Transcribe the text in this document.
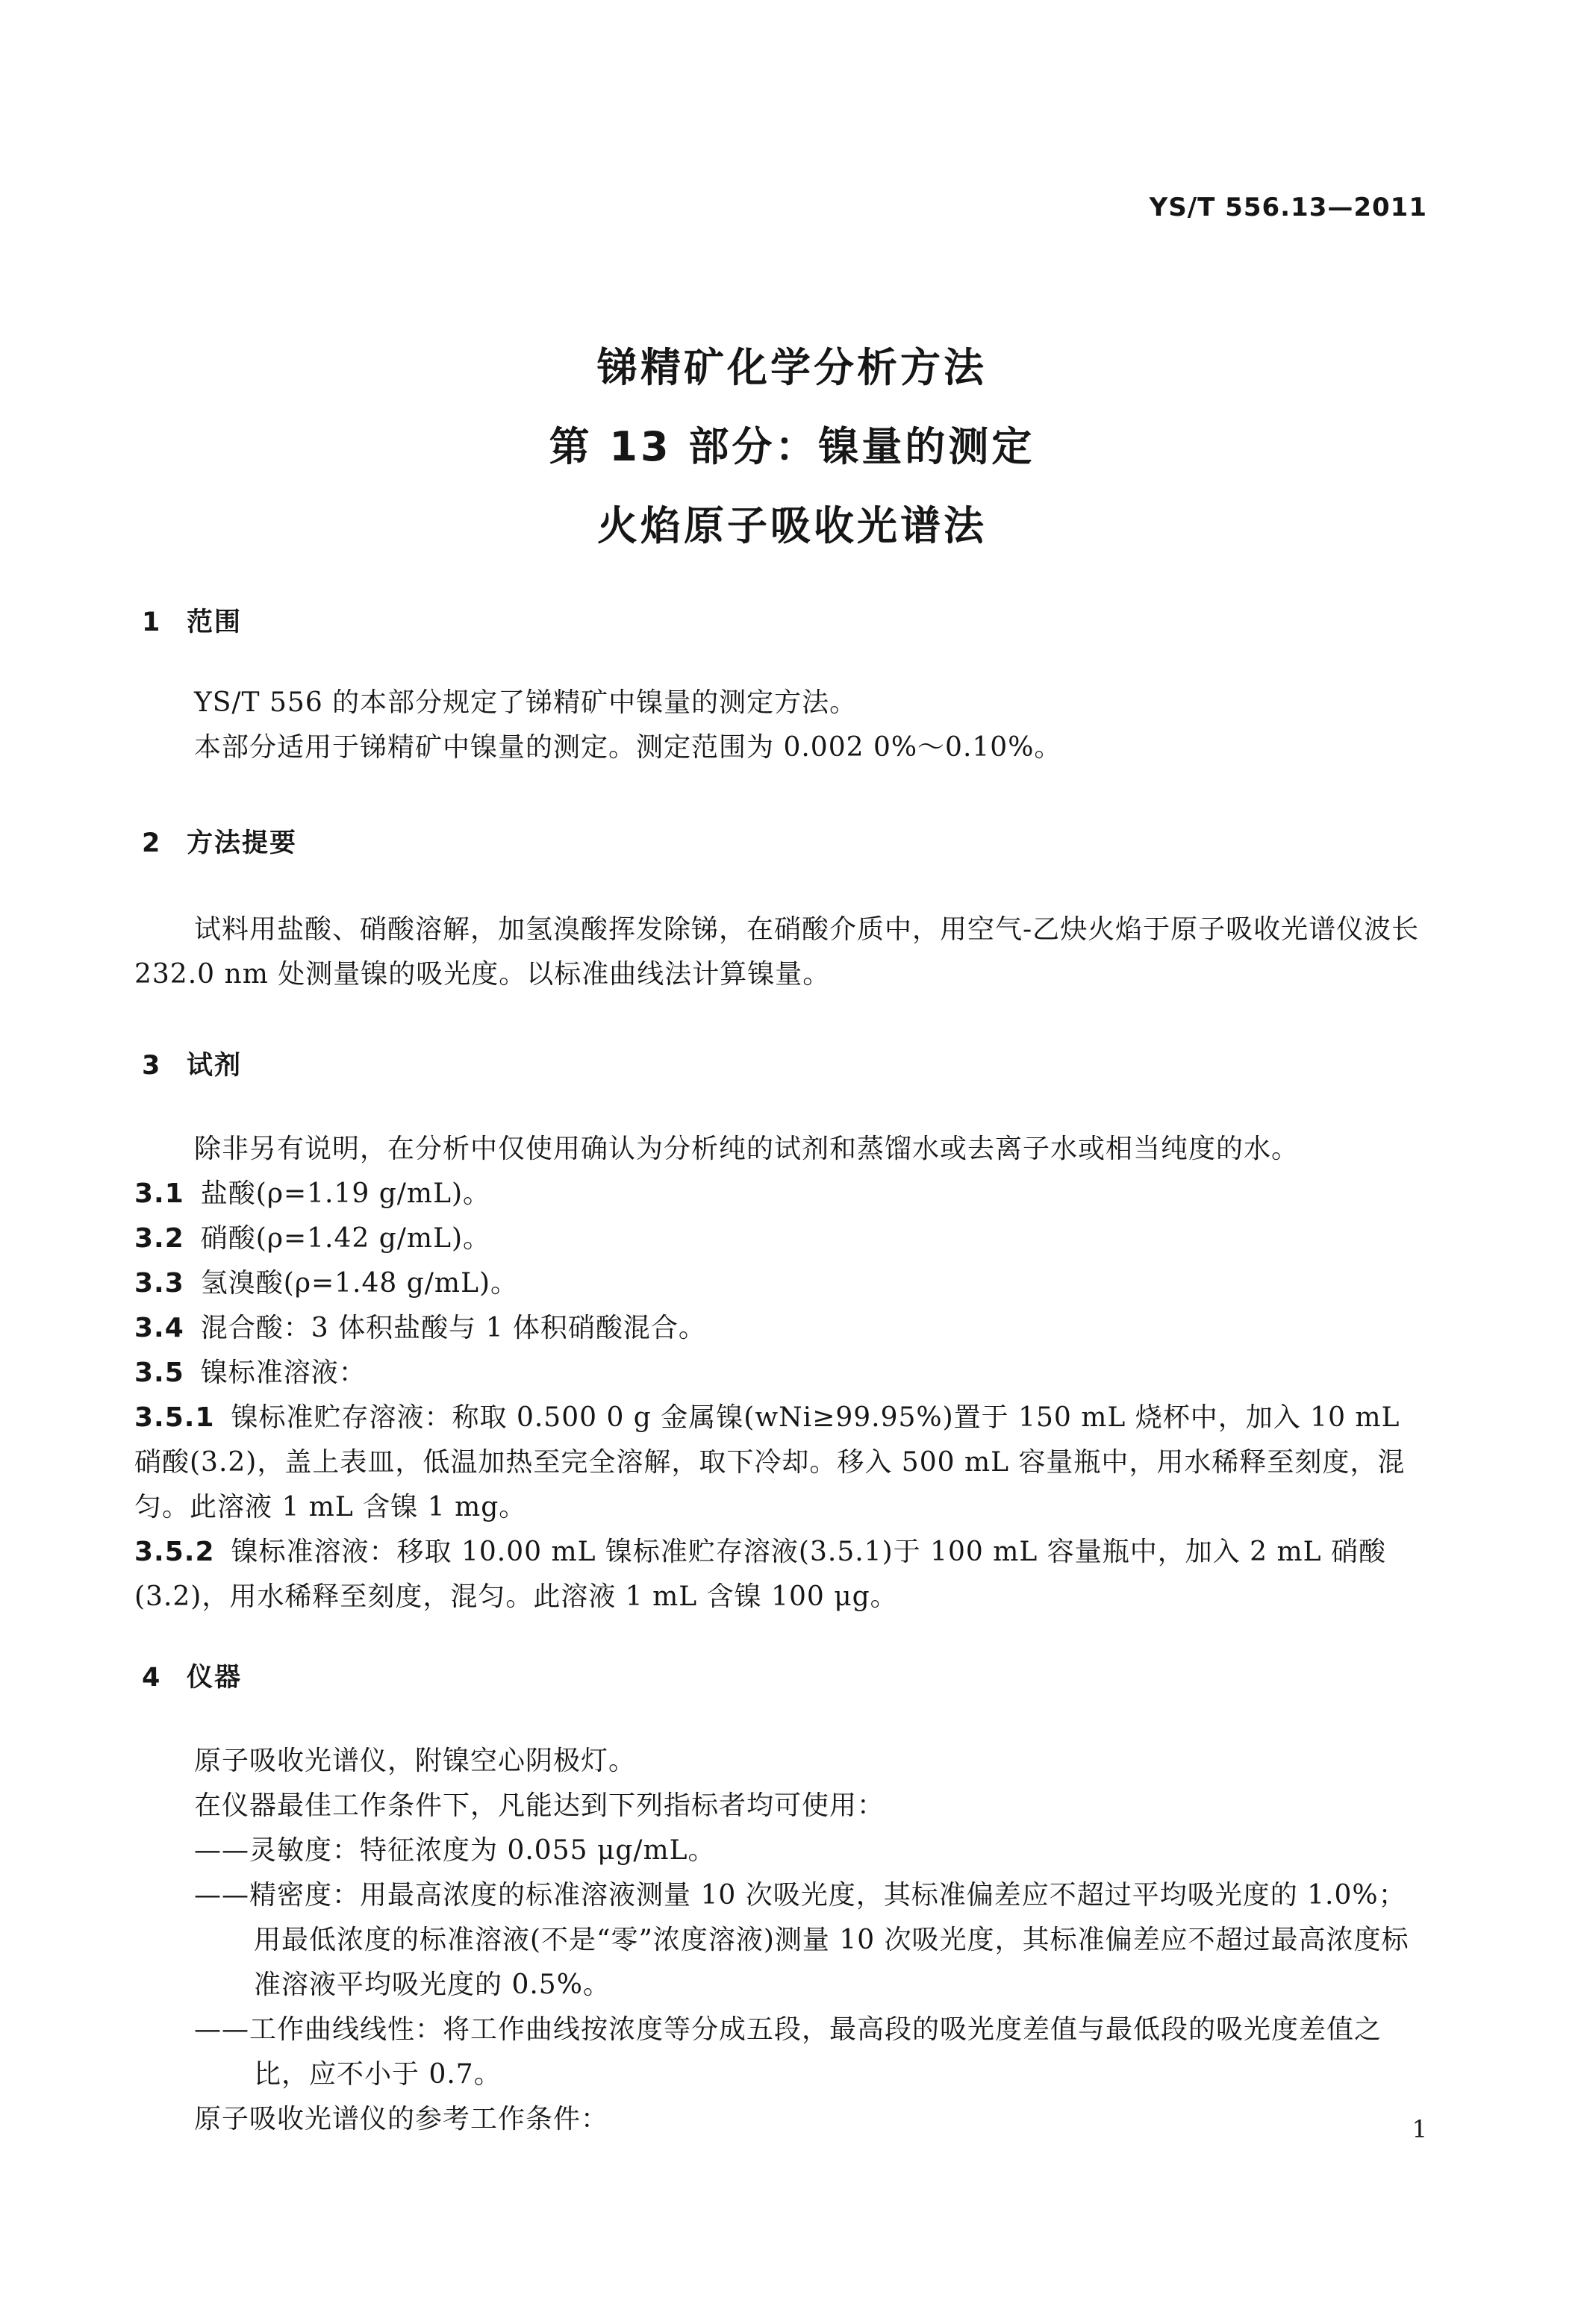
YS/T 556.13—2011
锑精矿化学分析方法
第 13 部分：镍量的测定
火焰原子吸收光谱法
1 范围
YS/T 556 的本部分规定了锑精矿中镍量的测定方法。
本部分适用于锑精矿中镍量的测定。测定范围为 0.002 0%～0.10%。
2 方法提要
试料用盐酸、硝酸溶解，加氢溴酸挥发除锑，在硝酸介质中，用空气-乙炔火焰于原子吸收光谱仪波长 232.0 nm 处测量镍的吸光度。以标准曲线法计算镍量。
3 试剂
除非另有说明，在分析中仅使用确认为分析纯的试剂和蒸馏水或去离子水或相当纯度的水。
3.1 盐酸(ρ=1.19 g/mL)。
3.2 硝酸(ρ=1.42 g/mL)。
3.3 氢溴酸(ρ=1.48 g/mL)。
3.4 混合酸：3 体积盐酸与 1 体积硝酸混合。
3.5 镍标准溶液：
3.5.1 镍标准贮存溶液：称取 0.500 0 g 金属镍(wNi≥99.95%)置于 150 mL 烧杯中，加入 10 mL 硝酸(3.2)，盖上表皿，低温加热至完全溶解，取下冷却。移入 500 mL 容量瓶中，用水稀释至刻度，混匀。此溶液 1 mL 含镍 1 mg。
3.5.2 镍标准溶液：移取 10.00 mL 镍标准贮存溶液(3.5.1)于 100 mL 容量瓶中，加入 2 mL 硝酸(3.2)，用水稀释至刻度，混匀。此溶液 1 mL 含镍 100 μg。
4 仪器
原子吸收光谱仪，附镍空心阴极灯。
在仪器最佳工作条件下，凡能达到下列指标者均可使用：
——灵敏度：特征浓度为 0.055 μg/mL。
——精密度：用最高浓度的标准溶液测量 10 次吸光度，其标准偏差应不超过平均吸光度的 1.0%；用最低浓度的标准溶液(不是“零”浓度溶液)测量 10 次吸光度，其标准偏差应不超过最高浓度标准溶液平均吸光度的 0.5%。
——工作曲线线性：将工作曲线按浓度等分成五段，最高段的吸光度差值与最低段的吸光度差值之比，应不小于 0.7。
原子吸收光谱仪的参考工作条件：	1
